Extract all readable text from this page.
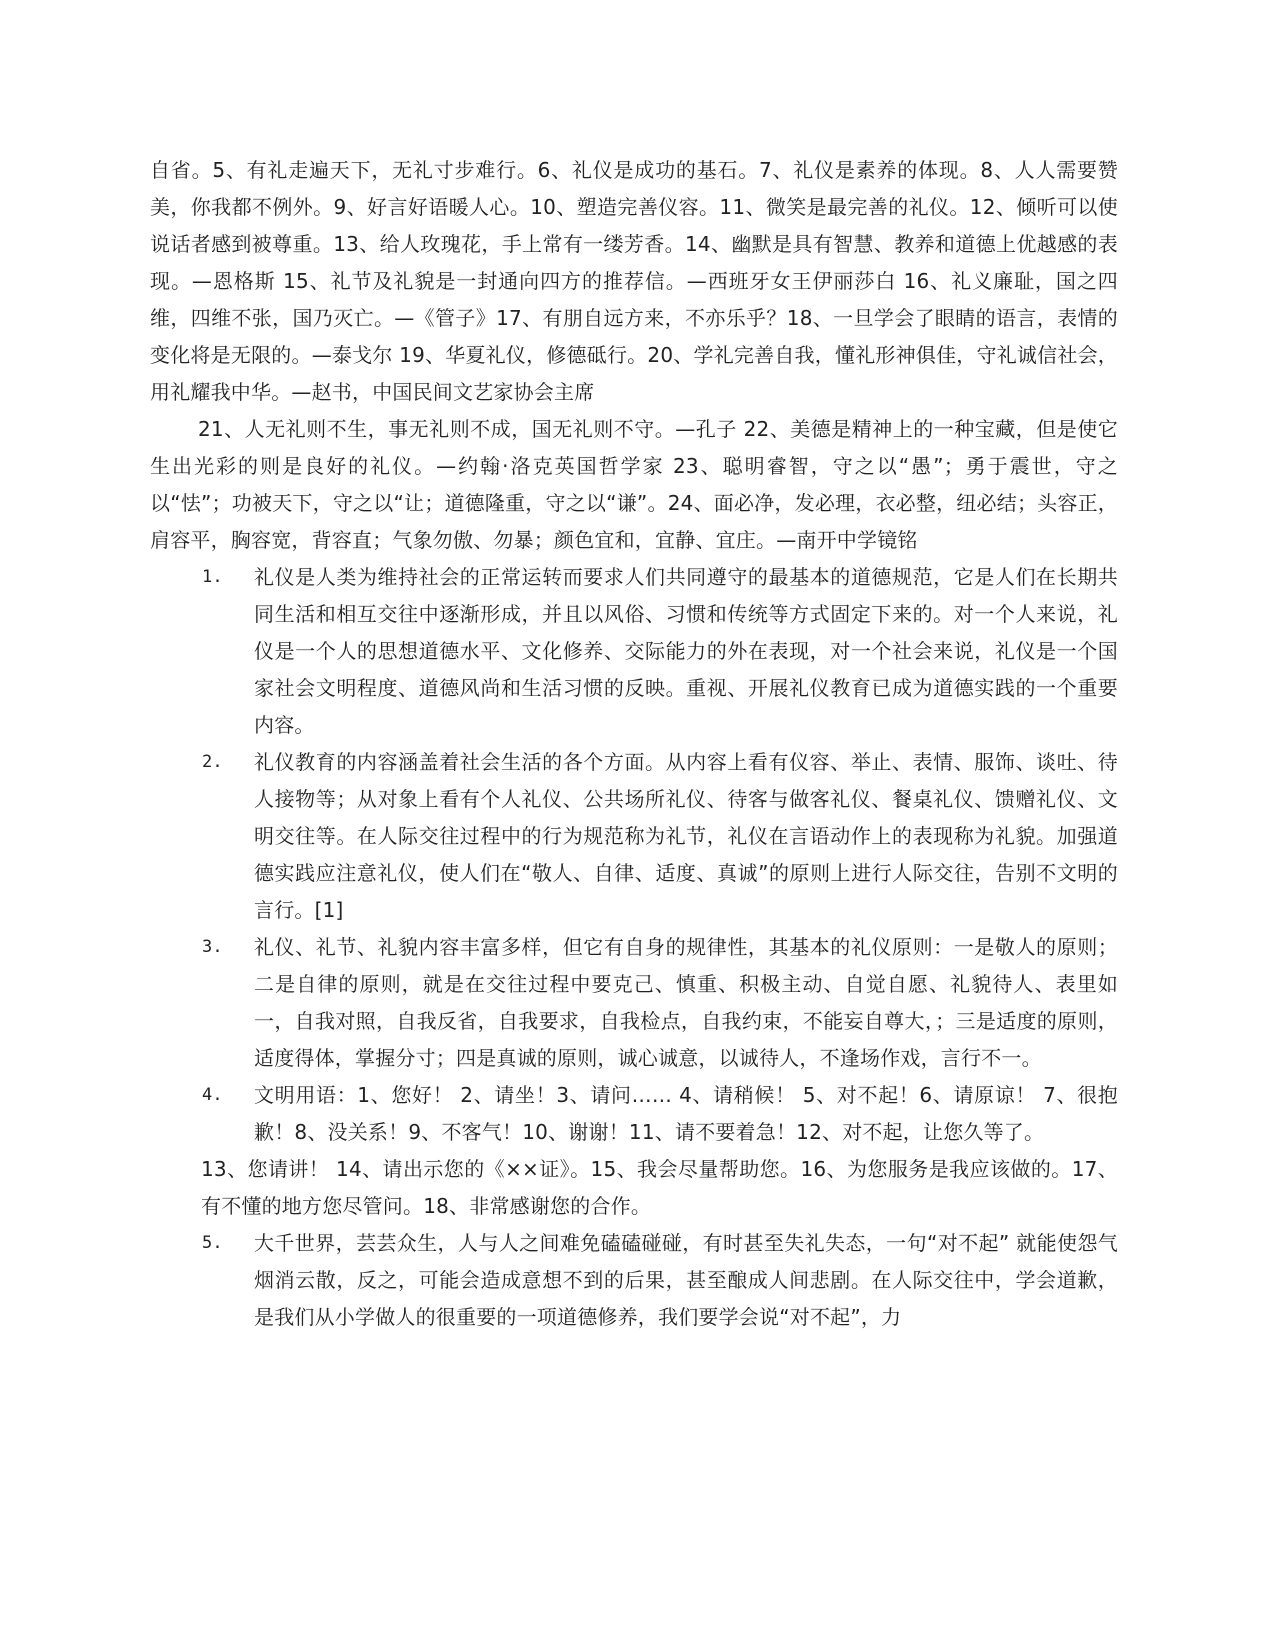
自省。5、有礼走遍天下，无礼寸步难行。6、礼仪是成功的基石。7、礼仪是素养的体现。8、人人需要赞美，你我都不例外。9、好言好语暖人心。10、塑造完善仪容。11、微笑是最完善的礼仪。12、倾听可以使说话者感到被尊重。13、给人玫瑰花，手上常有一缕芳香。14、幽默是具有智慧、教养和道德上优越感的表现。—恩格斯 15、礼节及礼貌是一封通向四方的推荐信。—西班牙女王伊丽莎白 16、礼义廉耻，国之四维，四维不张，国乃灭亡。—《管子》17、有朋自远方来，不亦乐乎？18、一旦学会了眼睛的语言，表情的变化将是无限的。—泰戈尔 19、华夏礼仪，修德砥行。20、学礼完善自我，懂礼形神俱佳，守礼诚信社会，用礼耀我中华。—赵书，中国民间文艺家协会主席

21、人无礼则不生，事无礼则不成，国无礼则不守。—孔子 22、美德是精神上的一种宝藏，但是使它生出光彩的则是良好的礼仪。—约翰·洛克英国哲学家 23、聪明睿智，守之以“愚”；勇于震世，守之以“怯”；功被天下，守之以“让；道德隆重，守之以“谦”。24、面必净，发必理，衣必整，纽必结；头容正，肩容平，胸容宽，背容直；气象勿傲、勿暴；颜色宜和，宜静、宜庄。—南开中学镜铭

1. 礼仪是人类为维持社会的正常运转而要求人们共同遵守的最基本的道德规范，它是人们在长期共同生活和相互交往中逐渐形成，并且以风俗、习惯和传统等方式固定下来的。对一个人来说，礼仪是一个人的思想道德水平、文化修养、交际能力的外在表现，对一个社会来说，礼仪是一个国家社会文明程度、道德风尚和生活习惯的反映。重视、开展礼仪教育已成为道德实践的一个重要内容。
2. 礼仪教育的内容涵盖着社会生活的各个方面。从内容上看有仪容、举止、表情、服饰、谈吐、待人接物等；从对象上看有个人礼仪、公共场所礼仪、待客与做客礼仪、餐桌礼仪、馈赠礼仪、文明交往等。在人际交往过程中的行为规范称为礼节，礼仪在言语动作上的表现称为礼貌。加强道德实践应注意礼仪，使人们在“敬人、自律、适度、真诚”的原则上进行人际交往，告别不文明的言行。[1]
3. 礼仪、礼节、礼貌内容丰富多样，但它有自身的规律性，其基本的礼仪原则：一是敬人的原则；二是自律的原则，就是在交往过程中要克己、慎重、积极主动、自觉自愿、礼貌待人、表里如一，自我对照，自我反省，自我要求，自我检点，自我约束，不能妄自尊大，；三是适度的原则，适度得体，掌握分寸；四是真诚的原则，诚心诚意，以诚待人，不逢场作戏，言行不一。
4. 文明用语：1、您好！ 2、请坐！3、请问…… 4、请稍候！ 5、对不起！6、请原谅！ 7、很抱歉！8、没关系！9、不客气！10、谢谢！11、请不要着急！12、对不起，让您久等了。

13、您请讲！ 14、请出示您的《××证》。15、我会尽量帮助您。16、为您服务是我应该做的。17、有不懂的地方您尽管问。18、非常感谢您的合作。

5. 大千世界，芸芸众生，人与人之间难免磕磕碰碰，有时甚至失礼失态，一句“对不起” 就能使怨气烟消云散，反之，可能会造成意想不到的后果，甚至酿成人间悲剧。在人际交往中，学会道歉，是我们从小学做人的很重要的一项道德修养，我们要学会说“对不起”，力
